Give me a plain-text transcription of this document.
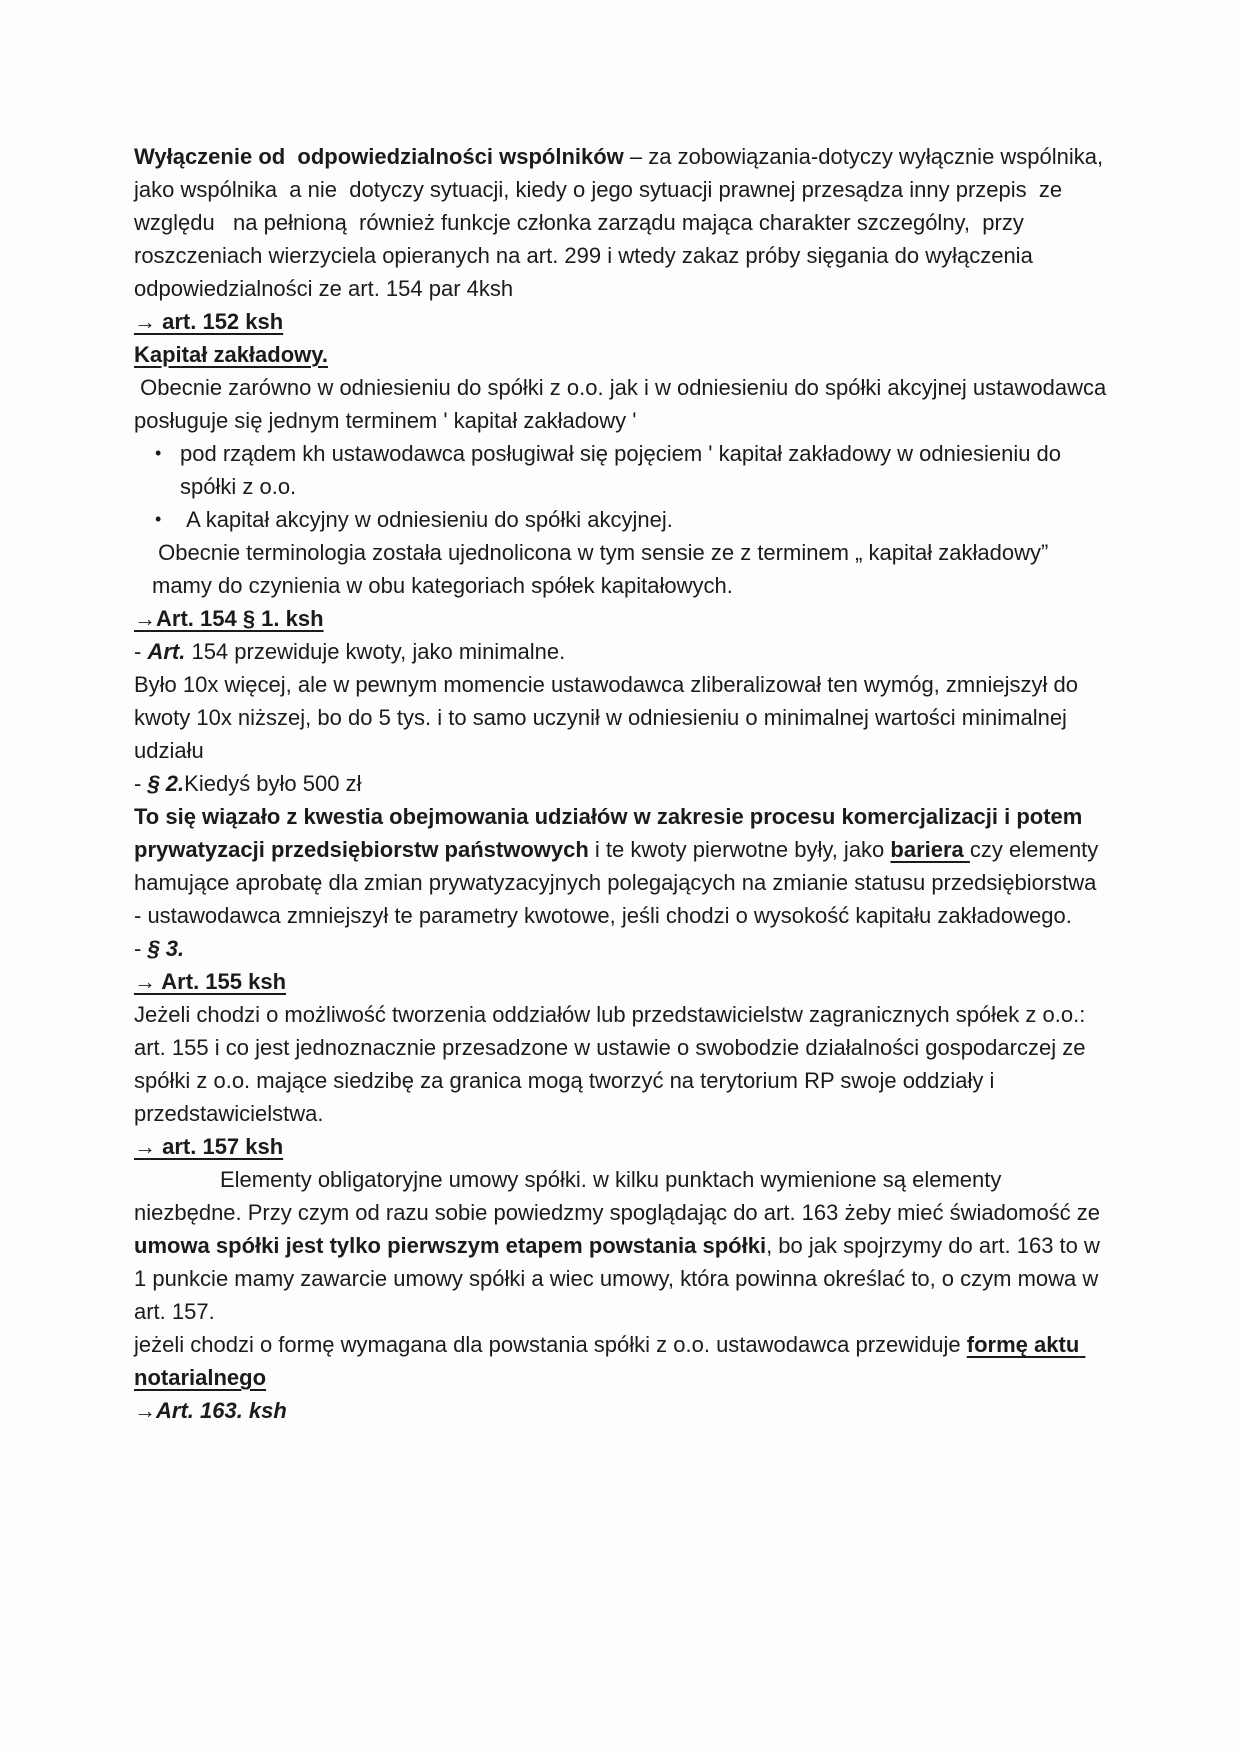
Wyłączenie od  odpowiedzialności wspólników – za zobowiązania-dotyczy wyłącznie wspólnika, jako wspólnika  a nie  dotyczy sytuacji, kiedy o jego sytuacji prawnej przesądza inny przepis  ze względu   na pełnioną  również funkcje członka zarządu mająca charakter szczególny,  przy roszczeniach wierzyciela opieranych na art. 299 i wtedy zakaz próby sięgania do wyłączenia odpowiedzialności ze art. 154 par 4ksh

→ art. 152 ksh

Kapitał zakładowy.

Obecnie zarówno w odniesieniu do spółki z o.o. jak i w odniesieniu do spółki akcyjnej ustawodawca posługuje się jednym terminem ' kapitał zakładowy '

• pod rządem kh ustawodawca posługiwał się pojęciem ' kapitał zakładowy w odniesieniu do spółki z o.o.
• A kapitał akcyjny w odniesieniu do spółki akcyjnej.

Obecnie terminologia została ujednolicona w tym sensie ze z terminem „ kapitał zakładowy” mamy do czynienia w obu kategoriach spółek kapitałowych.

→Art. 154 § 1. ksh

- Art. 154 przewiduje kwoty, jako minimalne.

Było 10x więcej, ale w pewnym momencie ustawodawca zliberalizował ten wymóg, zmniejszył do kwoty 10x niższej, bo do 5 tys. i to samo uczynił w odniesieniu o minimalnej wartości minimalnej udziału

- § 2.Kiedyś było 500 zł

To się wiązało z kwestia obejmowania udziałów w zakresie procesu komercjalizacji i potem prywatyzacji przedsiębiorstw państwowych i te kwoty pierwotne były, jako bariera czy elementy hamujące aprobatę dla zmian prywatyzacyjnych polegających na zmianie statusu przedsiębiorstwa

- ustawodawca zmniejszył te parametry kwotowe, jeśli chodzi o wysokość kapitału zakładowego.

- § 3.

→ Art. 155 ksh

Jeżeli chodzi o możliwość tworzenia oddziałów lub przedstawicielstw zagranicznych spółek z o.o.: art. 155 i co jest jednoznacznie przesadzone w ustawie o swobodzie działalności gospodarczej ze spółki z o.o. mające siedzibę za granica mogą tworzyć na terytorium RP swoje oddziały i przedstawicielstwa.

→ art. 157 ksh

Elementy obligatoryjne umowy spółki. w kilku punktach wymienione są elementy niezbędne. Przy czym od razu sobie powiedzmy spoglądając do art. 163 żeby mieć świadomość ze umowa spółki jest tylko pierwszym etapem powstania spółki, bo jak spojrzymy do art. 163 to w 1 punkcie mamy zawarcie umowy spółki a wiec umowy, która powinna określać to, o czym mowa w art. 157.

jeżeli chodzi o formę wymagana dla powstania spółki z o.o. ustawodawca przewiduje formę aktu notarialnego

→Art. 163. ksh
